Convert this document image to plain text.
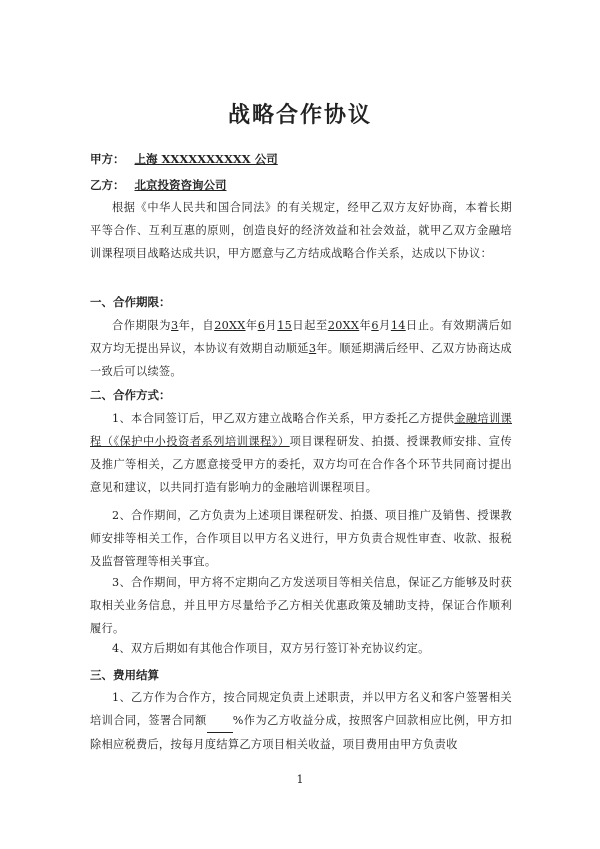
战略合作协议
甲方： 上海 XXXXXXXXXX 公司
乙方： 北京投资咨询公司

根据《中华人民共和国合同法》的有关规定，经甲乙双方友好协商，本着长期平等合作、互利互惠的原则，创造良好的经济效益和社会效益，就甲乙双方金融培训课程项目战略达成共识，甲方愿意与乙方结成战略合作关系，达成以下协议：

一、合作期限：

合作期限为3年，自20XX年6月15日起至20XX年6月14日止。有效期满后如双方均无提出异议，本协议有效期自动顺延3年。顺延期满后经甲、乙双方协商达成一致后可以续签。

二、合作方式：

1、本合同签订后，甲乙双方建立战略合作关系，甲方委托乙方提供金融培训课程（《保护中小投资者系列培训课程》）项目课程研发、拍摄、授课教师安排、宣传及推广等相关，乙方愿意接受甲方的委托，双方均可在合作各个环节共同商讨提出意见和建议，以共同打造有影响力的金融培训课程项目。

2、合作期间，乙方负责为上述项目课程研发、拍摄、项目推广及销售、授课教师安排等相关工作，合作项目以甲方名义进行，甲方负责合规性审查、收款、报税及监督管理等相关事宜。

3、合作期间，甲方将不定期向乙方发送项目等相关信息，保证乙方能够及时获取相关业务信息，并且甲方尽量给予乙方相关优惠政策及辅助支持，保证合作顺利履行。

4、双方后期如有其他合作项目，双方另行签订补充协议约定。

三、费用结算

1、乙方作为合作方，按合同规定负责上述职责，并以甲方名义和客户签署相关培训合同，签署合同额 %作为乙方收益分成，按照客户回款相应比例，甲方扣除相应税费后，按每月度结算乙方项目相关收益，项目费用由甲方负责收

1
